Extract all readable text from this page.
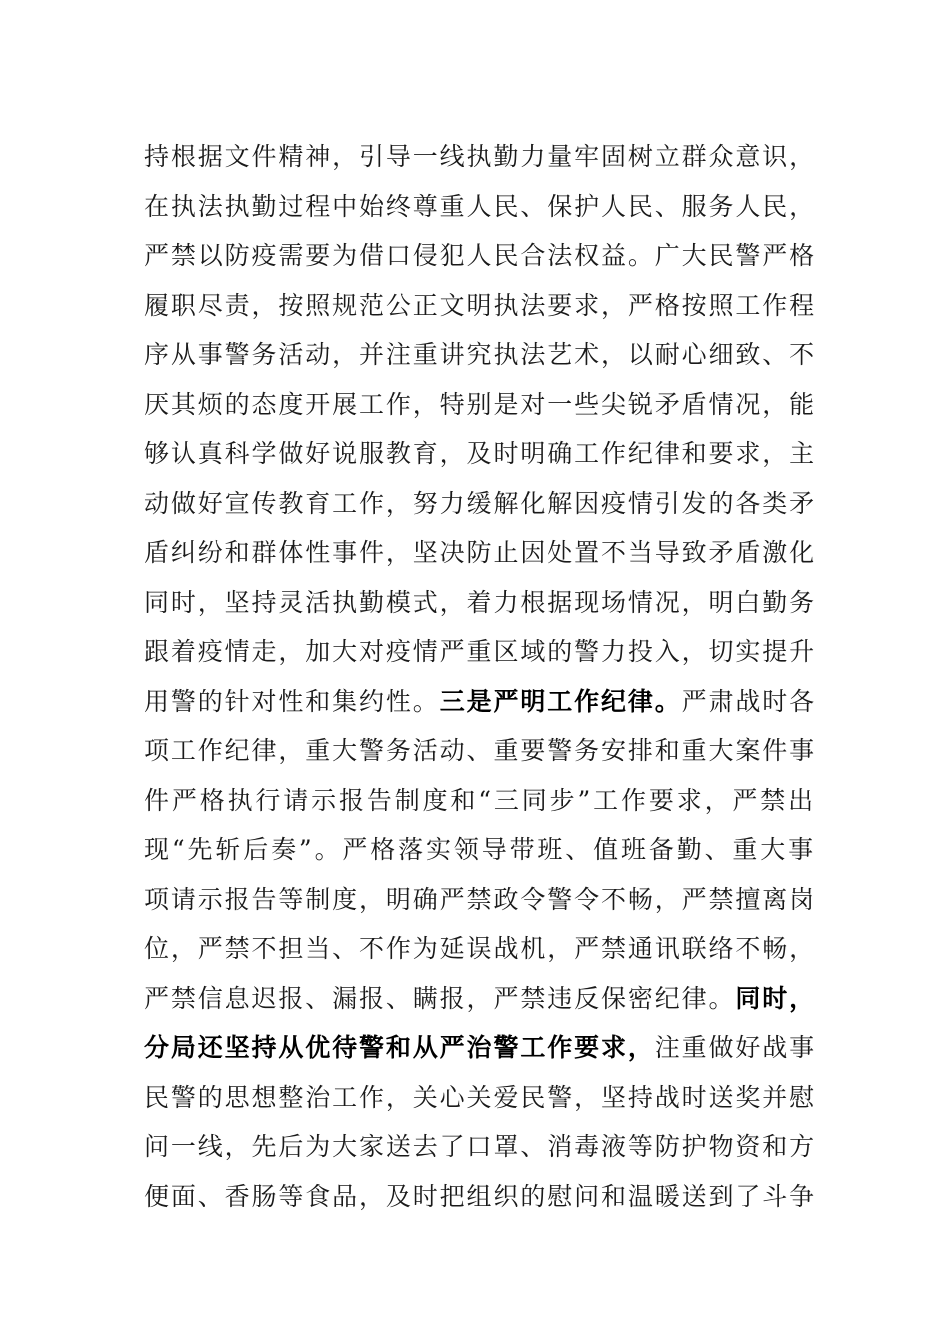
持根据文件精神，引导一线执勤力量牢固树立群众意识，
在执法执勤过程中始终尊重人民、保护人民、服务人民，
严禁以防疫需要为借口侵犯人民合法权益。广大民警严格
履职尽责，按照规范公正文明执法要求，严格按照工作程
序从事警务活动，并注重讲究执法艺术，以耐心细致、不
厌其烦的态度开展工作，特别是对一些尖锐矛盾情况，能
够认真科学做好说服教育，及时明确工作纪律和要求，主
动做好宣传教育工作，努力缓解化解因疫情引发的各类矛
盾纠纷和群体性事件，坚决防止因处置不当导致矛盾激化
同时，坚持灵活执勤模式，着力根据现场情况，明白勤务
跟着疫情走，加大对疫情严重区域的警力投入，切实提升
用警的针对性和集约性。三是严明工作纪律。严肃战时各
项工作纪律，重大警务活动、重要警务安排和重大案件事
件严格执行请示报告制度和“三同步”工作要求，严禁出
现“先斩后奏”。严格落实领导带班、值班备勤、重大事
项请示报告等制度，明确严禁政令警令不畅，严禁擅离岗
位，严禁不担当、不作为延误战机，严禁通讯联络不畅，
严禁信息迟报、漏报、瞒报，严禁违反保密纪律。同时，
分局还坚持从优待警和从严治警工作要求，注重做好战事
民警的思想整治工作，关心关爱民警，坚持战时送奖并慰
问一线，先后为大家送去了口罩、消毒液等防护物资和方
便面、香肠等食品，及时把组织的慰问和温暖送到了斗争
